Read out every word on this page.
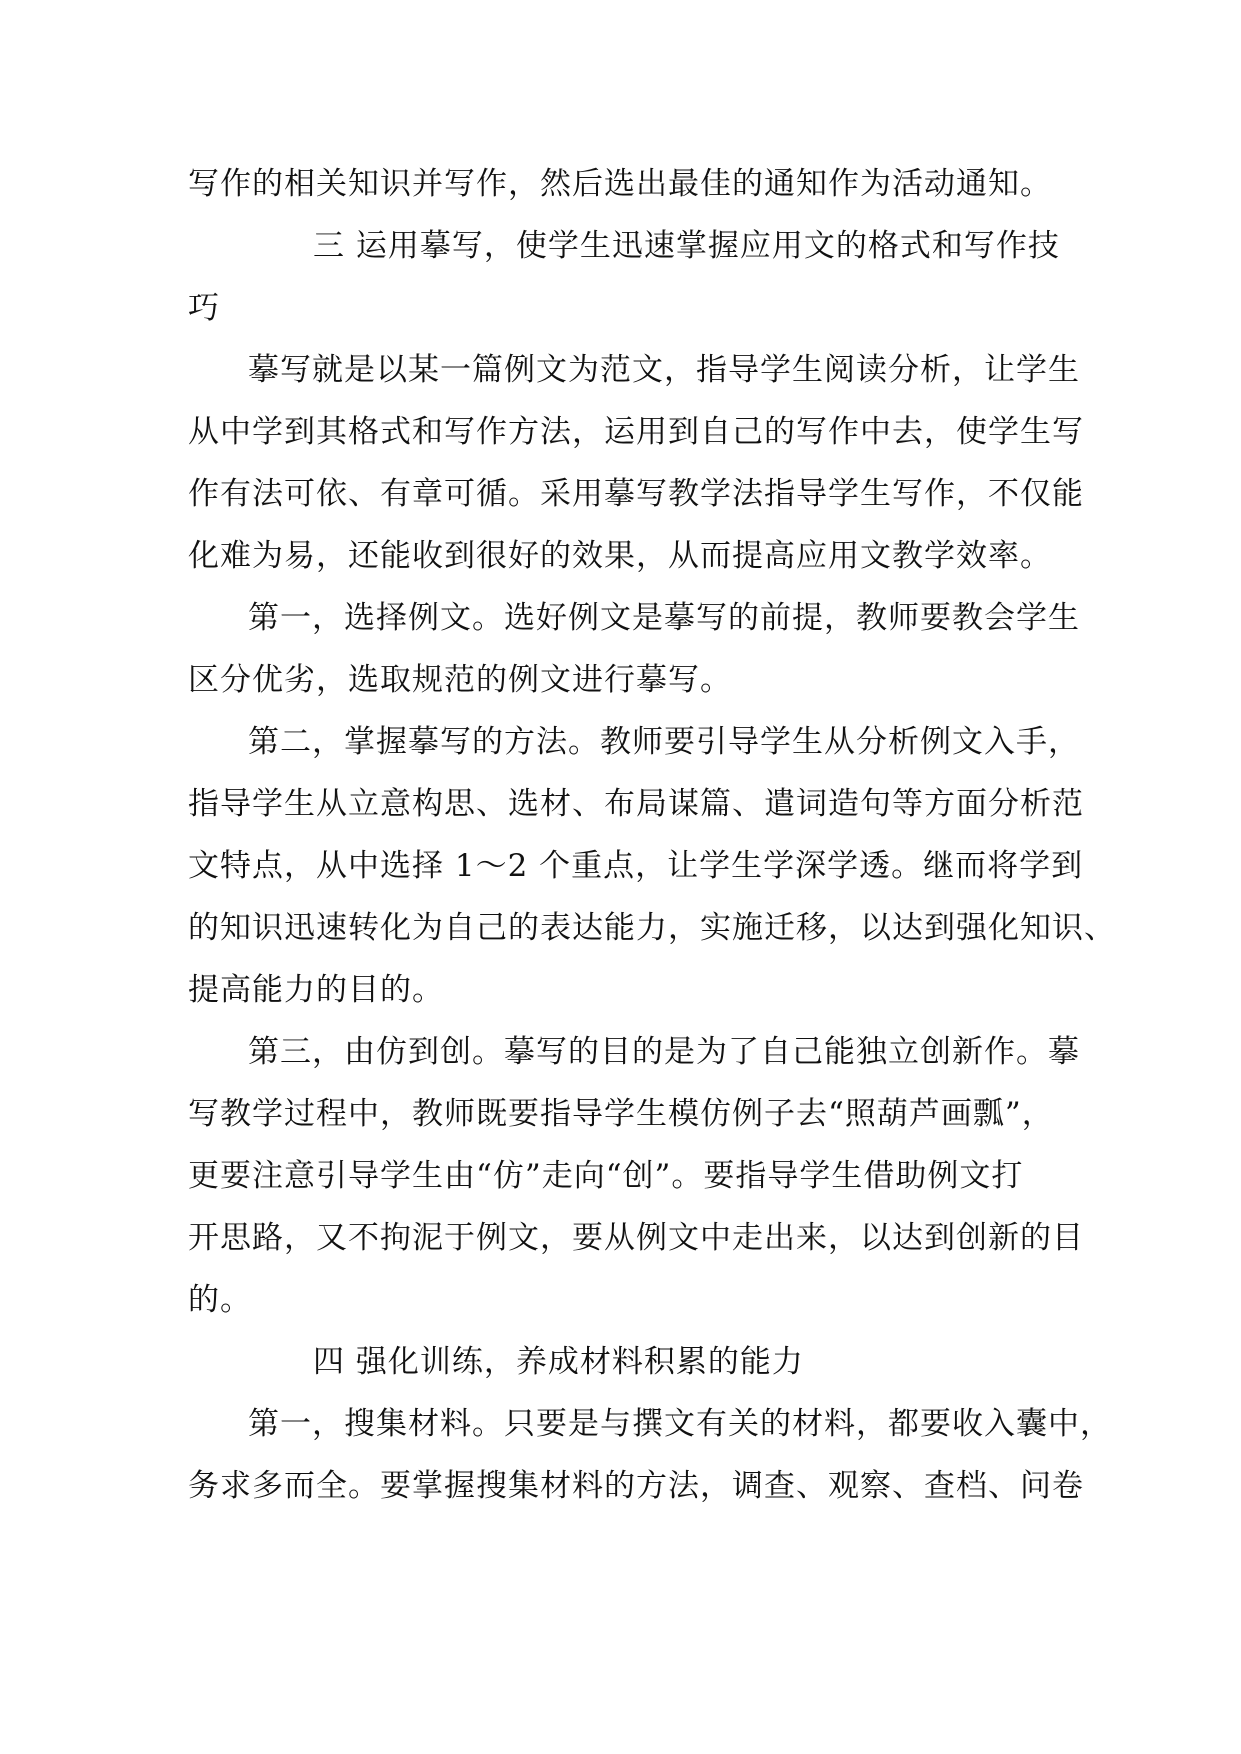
写作的相关知识并写作，然后选出最佳的通知作为活动通知。
三 运用摹写，使学生迅速掌握应用文的格式和写作技
巧
摹写就是以某一篇例文为范文，指导学生阅读分析，让学生
从中学到其格式和写作方法，运用到自己的写作中去，使学生写
作有法可依、有章可循。采用摹写教学法指导学生写作，不仅能
化难为易，还能收到很好的效果，从而提高应用文教学效率。
第一，选择例文。选好例文是摹写的前提，教师要教会学生
区分优劣，选取规范的例文进行摹写。
第二，掌握摹写的方法。教师要引导学生从分析例文入手，
指导学生从立意构思、选材、布局谋篇、遣词造句等方面分析范
文特点，从中选择 1～2 个重点，让学生学深学透。继而将学到
的知识迅速转化为自己的表达能力，实施迁移，以达到强化知识、
提高能力的目的。
第三，由仿到创。摹写的目的是为了自己能独立创新作。摹
写教学过程中，教师既要指导学生模仿例子去“照葫芦画瓢”，
更要注意引导学生由“仿”走向“创”。要指导学生借助例文打
开思路，又不拘泥于例文，要从例文中走出来，以达到创新的目
的。
四 强化训练，养成材料积累的能力
第一，搜集材料。只要是与撰文有关的材料，都要收入囊中，
务求多而全。要掌握搜集材料的方法，调查、观察、查档、问卷
